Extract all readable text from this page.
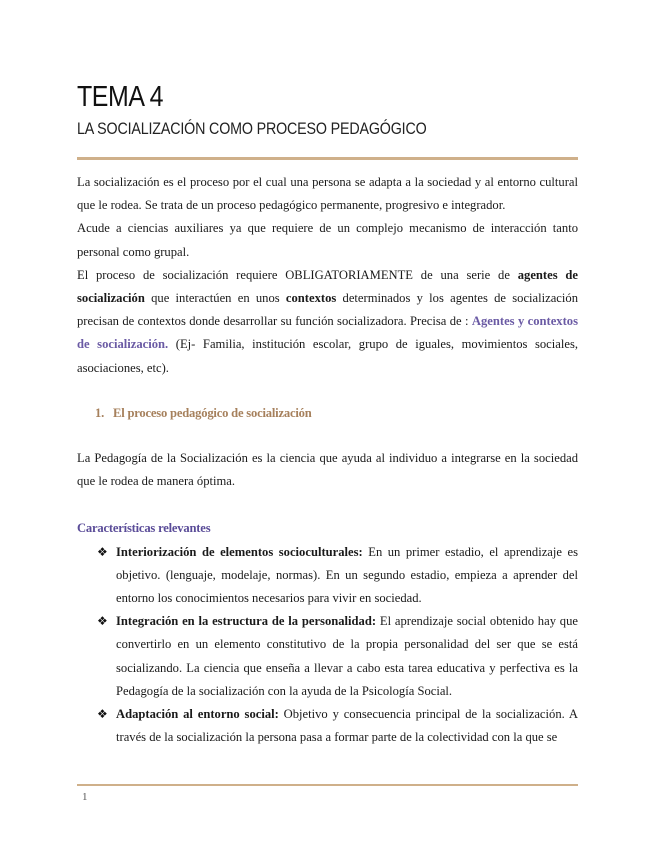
TEMA 4
LA SOCIALIZACIÓN COMO PROCESO PEDAGÓGICO

La socialización es el proceso por el cual una persona se adapta a la sociedad y al entorno cultural que le rodea. Se trata de un proceso pedagógico permanente, progresivo e integrador.

Acude a ciencias auxiliares ya que requiere de un complejo mecanismo de interacción tanto personal como grupal.

El proceso de socialización requiere OBLIGATORIAMENTE de una serie de agentes de socialización que interactúen en unos contextos determinados y los agentes de socialización precisan de contextos donde desarrollar su función socializadora. Precisa de : Agentes y contextos de socialización. (Ej- Familia, institución escolar, grupo de iguales, movimientos sociales, asociaciones, etc).

1. El proceso pedagógico de socialización

La Pedagogía de la Socialización es la ciencia que ayuda al individuo a integrarse en la sociedad que le rodea de manera óptima.

Características relevantes
❖ Interiorización de elementos socioculturales: En un primer estadio, el aprendizaje es objetivo. (lenguaje, modelaje, normas). En un segundo estadio, empieza a aprender del entorno los conocimientos necesarios para vivir en sociedad.
❖ Integración en la estructura de la personalidad: El aprendizaje social obtenido hay que convertirlo en un elemento constitutivo de la propia personalidad del ser que se está socializando. La ciencia que enseña a llevar a cabo esta tarea educativa y perfectiva es la Pedagogía de la socialización con la ayuda de la Psicología Social.
❖ Adaptación al entorno social: Objetivo y consecuencia principal de la socialización. A través de la socialización la persona pasa a formar parte de la colectividad con la que se
1
